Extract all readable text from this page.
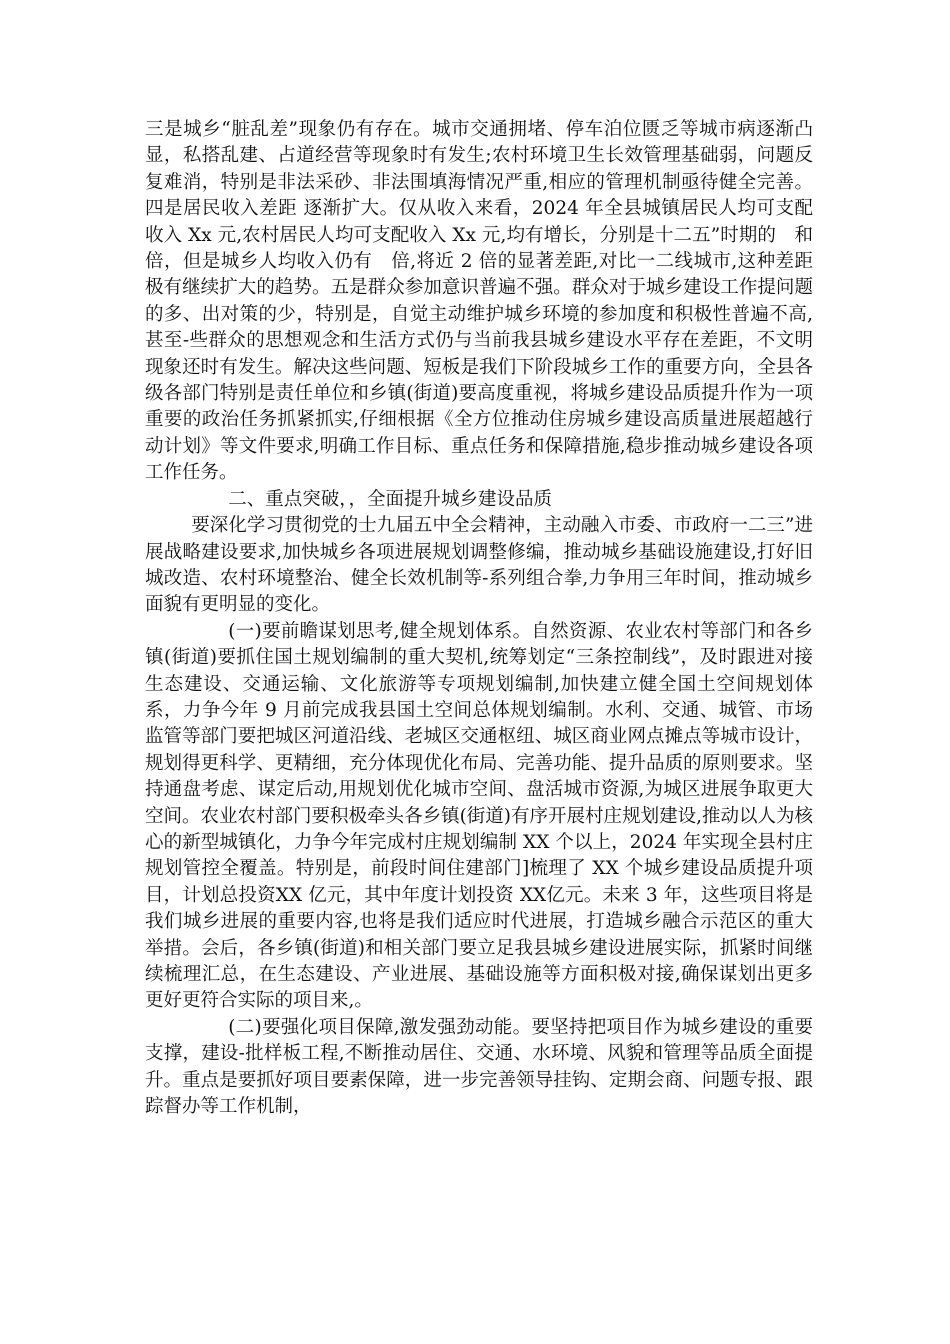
三是城乡“脏乱差”现象仍有存在。城市交通拥堵、停车泊位匮乏等城市病逐渐凸显，私搭乱建、占道经营等现象时有发生;农村环境卫生长效管理基础弱，问题反复难消，特别是非法采砂、非法围填海情况严重,相应的管理机制亟待健全完善。四是居民收入差距 逐渐扩大。仅从收入来看，2024 年全县城镇居民人均可支配收入 Xx 元,农村居民人均可支配收入 Xx 元,均有增长，分别是十二五”时期的　和　倍，但是城乡人均收入仍有　倍,将近 2 倍的显著差距,对比一二线城市,这种差距极有继续扩大的趋势。五是群众参加意识普遍不强。群众对于城乡建设工作提问题的多、出对策的少，特别是，自觉主动维护城乡环境的参加度和积极性普遍不高,甚至-些群众的思想观念和生活方式仍与当前我县城乡建设水平存在差距，不文明现象还时有发生。解决这些问题、短板是我们下阶段城乡工作的重要方向，全县各级各部门特别是责任单位和乡镇(街道)要高度重视，将城乡建设品质提升作为一项重要的政治任务抓紧抓实,仔细根据《全方位推动住房城乡建设高质量进展超越行动计划》等文件要求,明确工作目标、重点任务和保障措施,稳步推动城乡建设各项工作任务。

二、重点突破，，全面提升城乡建设品质

要深化学习贯彻党的士九届五中全会精神，主动融入市委、市政府一二三”进展战略建设要求,加快城乡各项进展规划调整修编，推动城乡基础设施建设,打好旧城改造、农村环境整治、健全长效机制等-系列组合拳,力争用三年时间，推动城乡面貌有更明显的变化。

(一)要前瞻谋划思考,健全规划体系。自然资源、农业农村等部门和各乡镇(街道)要抓住国土规划编制的重大契机,统筹划定“三条控制线”，及时跟进对接生态建设、交通运输、文化旅游等专项规划编制,加快建立健全国土空间规划体系，力争今年 9 月前完成我县国土空间总体规划编制。水利、交通、城管、市场监管等部门要把城区河道沿线、老城区交通枢纽、城区商业网点摊点等城市设计，规划得更科学、更精细，充分体现优化布局、完善功能、提升品质的原则要求。坚持通盘考虑、谋定后动,用规划优化城市空间、盘活城市资源,为城区进展争取更大空间。农业农村部门要积极牵头各乡镇(街道)有序开展村庄规划建设,推动以人为核心的新型城镇化，力争今年完成村庄规划编制 XX 个以上，2024 年实现全县村庄规划管控全覆盖。特别是，前段时间住建部门]梳理了 XX 个城乡建设品质提升项目，计划总投资XX 亿元，其中年度计划投资 XX亿元。未来 3 年，这些项目将是我们城乡进展的重要内容,也将是我们适应时代进展，打造城乡融合示范区的重大举措。会后，各乡镇(街道)和相关部门要立足我县城乡建设进展实际，抓紧时间继续梳理汇总，在生态建设、产业进展、基础设施等方面积极对接,确保谋划出更多更好更符合实际的项目来,。

(二)要强化项目保障,激发强劲动能。要坚持把项目作为城乡建设的重要支撑，建设-批样板工程,不断推动居住、交通、水环境、风貌和管理等品质全面提升。重点是要抓好项目要素保障，进一步完善领导挂钩、定期会商、问题专报、跟踪督办等工作机制，
